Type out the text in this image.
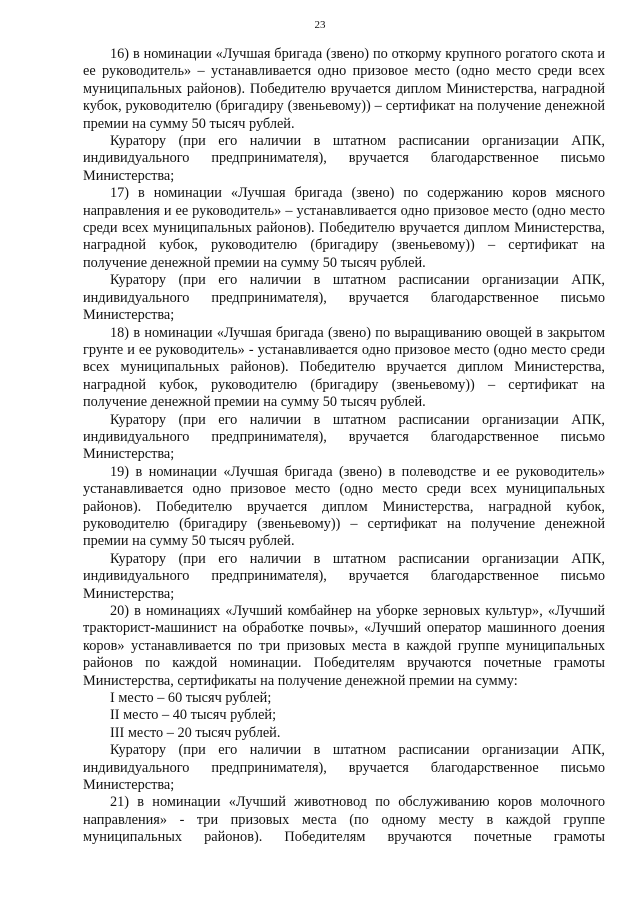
23

16) в номинации «Лучшая бригада (звено) по откорму крупного рогатого скота и ее руководитель» – устанавливается одно призовое место (одно место среди всех муниципальных районов). Победителю вручается диплом Министерства, наградной кубок, руководителю (бригадиру (звеньевому)) – сертификат на получение денежной премии на сумму 50 тысяч рублей.

Куратору (при его наличии в штатном расписании организации АПК, индивидуального предпринимателя), вручается благодарственное письмо Министерства;

17) в номинации «Лучшая бригада (звено) по содержанию коров мясного направления и ее руководитель» – устанавливается одно призовое место (одно место среди всех муниципальных районов). Победителю вручается диплом Министерства, наградной кубок, руководителю (бригадиру (звеньевому)) – сертификат на получение денежной премии на сумму 50 тысяч рублей.

Куратору (при его наличии в штатном расписании организации АПК, индивидуального предпринимателя), вручается благодарственное письмо Министерства;

18) в номинации «Лучшая бригада (звено) по выращиванию овощей в закрытом грунте и ее руководитель» - устанавливается одно призовое место (одно место среди всех муниципальных районов). Победителю вручается диплом Министерства, наградной кубок, руководителю (бригадиру (звеньевому)) – сертификат на получение денежной премии на сумму 50 тысяч рублей.

Куратору (при его наличии в штатном расписании организации АПК, индивидуального предпринимателя), вручается благодарственное письмо Министерства;

19) в номинации «Лучшая бригада (звено) в полеводстве и ее руководитель» устанавливается одно призовое место (одно место среди всех муниципальных районов). Победителю вручается диплом Министерства, наградной кубок, руководителю (бригадиру (звеньевому)) – сертификат на получение денежной премии на сумму 50 тысяч рублей.

Куратору (при его наличии в штатном расписании организации АПК, индивидуального предпринимателя), вручается благодарственное письмо Министерства;

20) в номинациях «Лучший комбайнер на уборке зерновых культур», «Лучший тракторист-машинист на обработке почвы», «Лучший оператор машинного доения коров» устанавливается по три призовых места в каждой группе муниципальных районов по каждой номинации. Победителям вручаются почетные грамоты Министерства, сертификаты на получение денежной премии на сумму:

I место – 60 тысяч рублей;

II место – 40 тысяч рублей;

III место – 20 тысяч рублей.

Куратору (при его наличии в штатном расписании организации АПК, индивидуального предпринимателя), вручается благодарственное письмо Министерства;

21) в номинации «Лучший животновод по обслуживанию коров молочного направления» - три призовых места (по одному месту в каждой группе муниципальных районов). Победителям вручаются почетные грамоты
